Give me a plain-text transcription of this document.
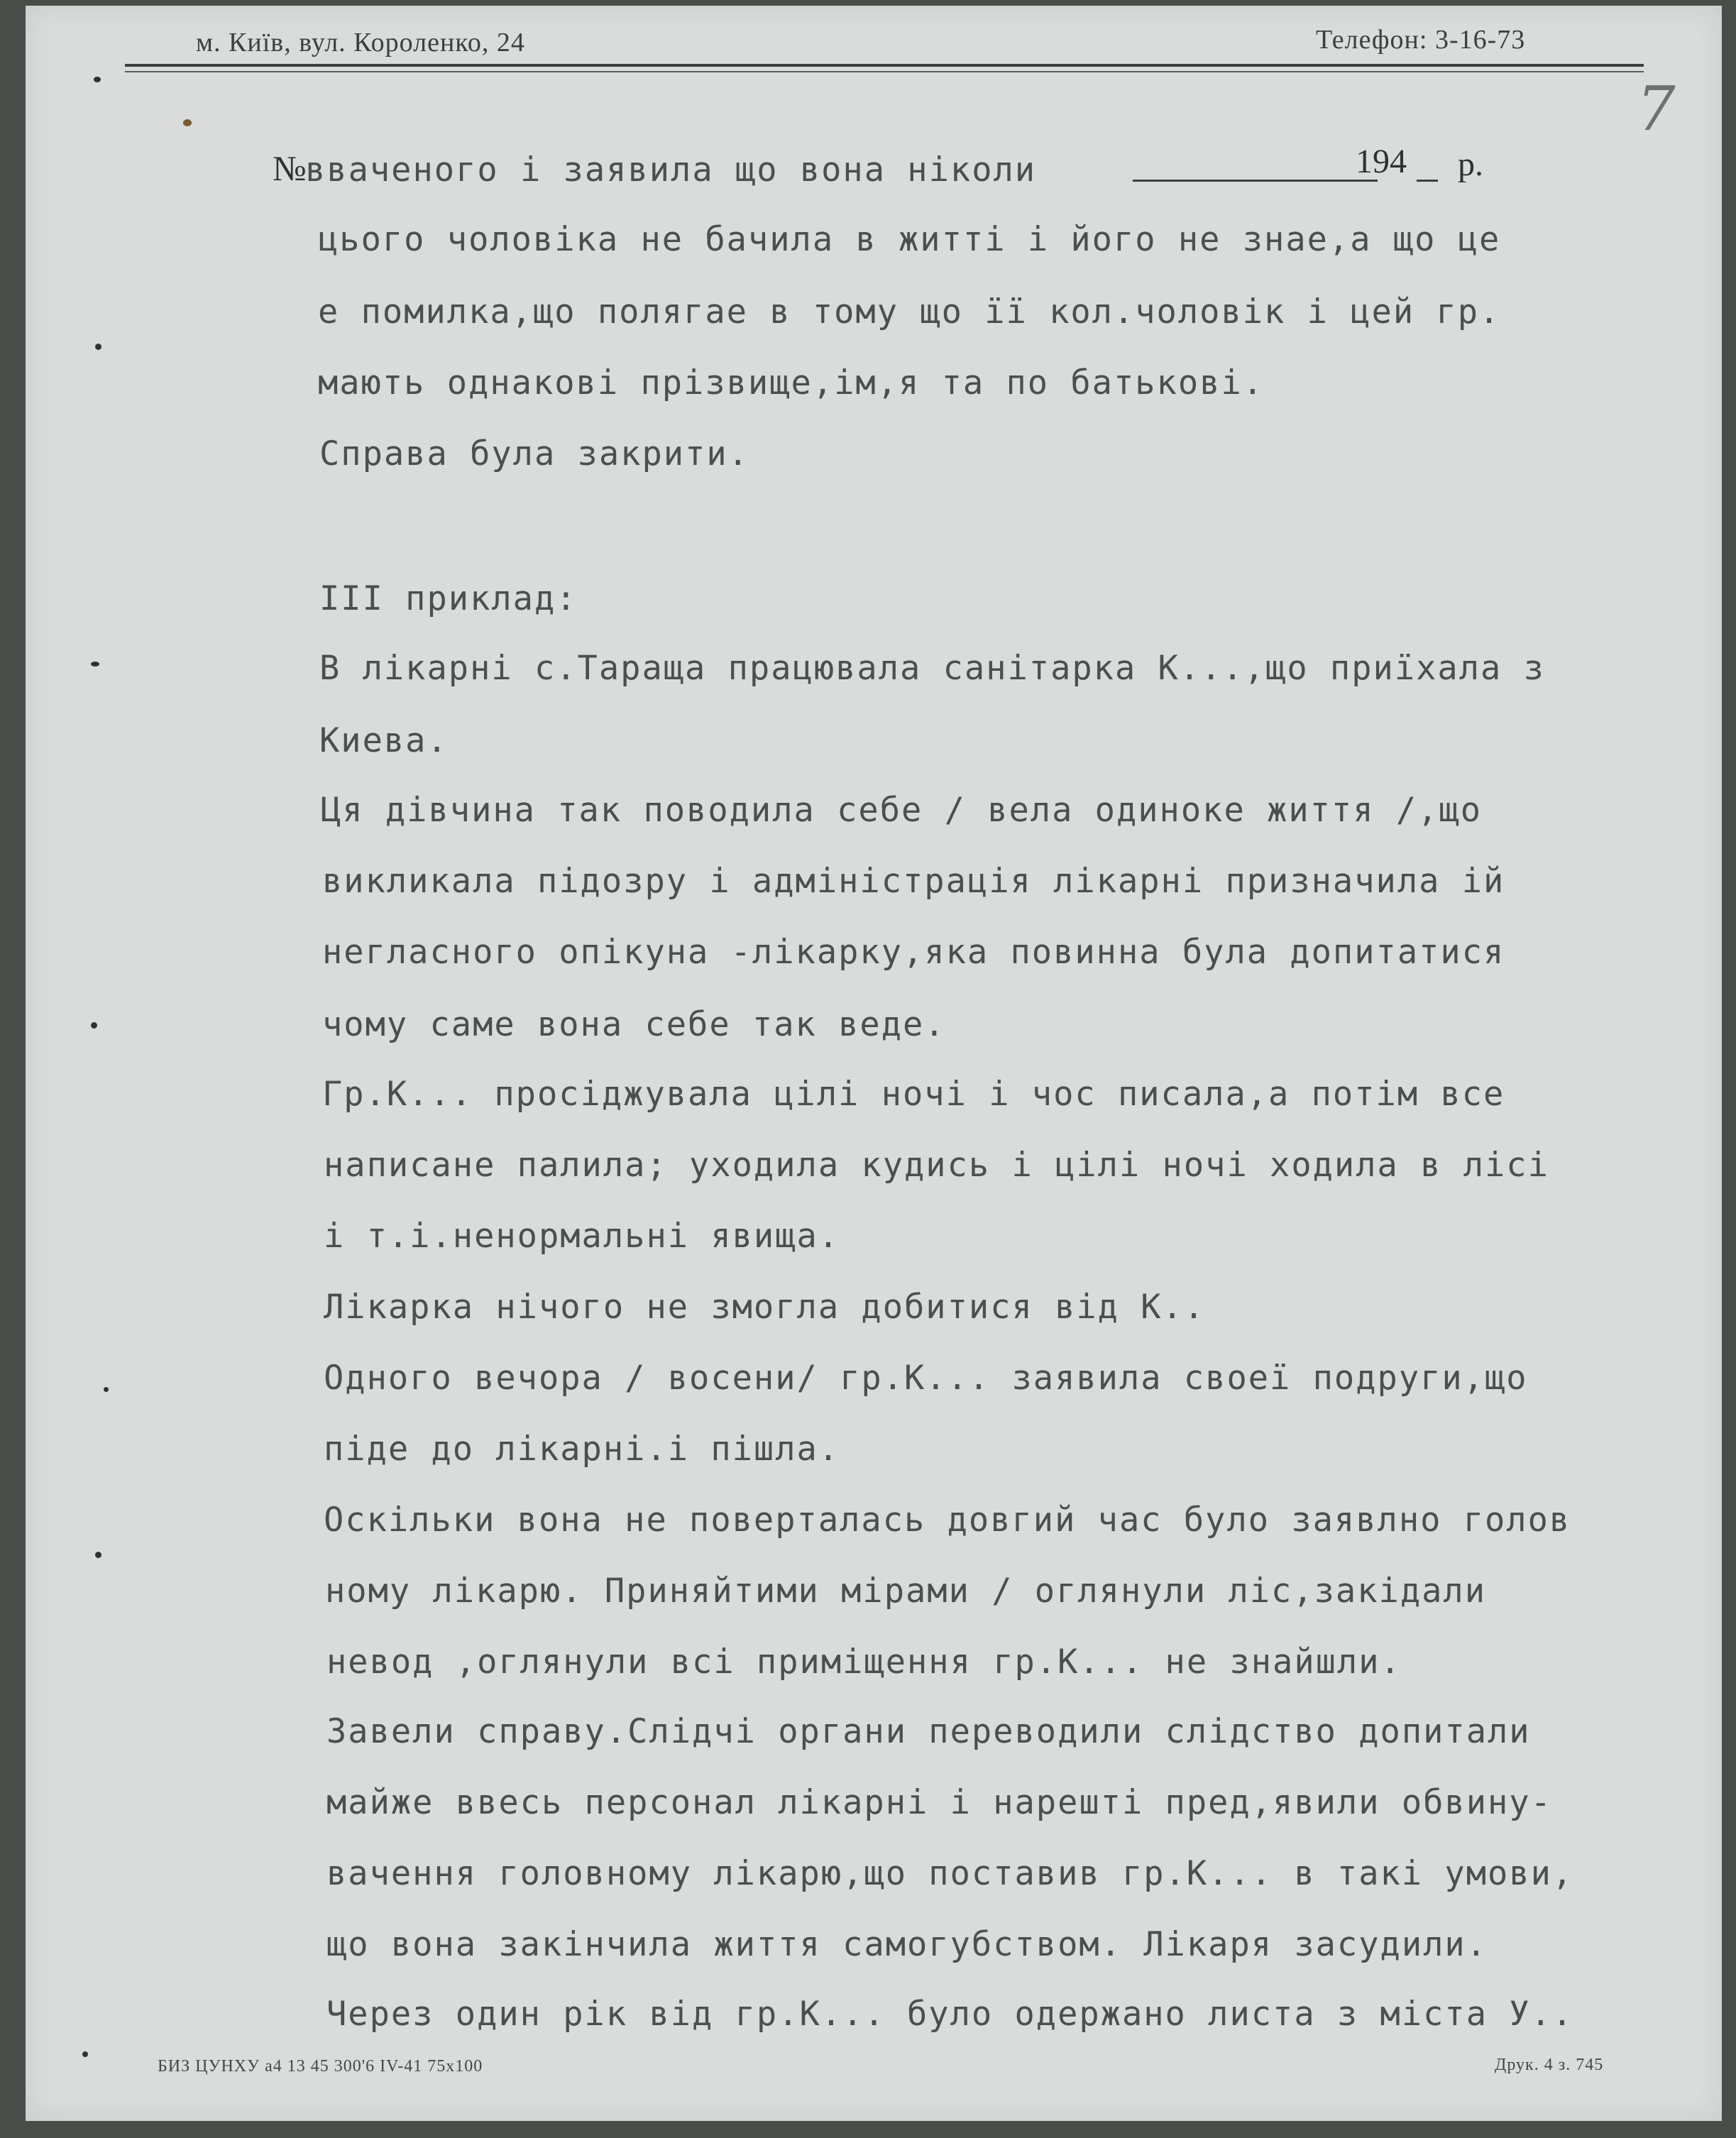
м. Київ, вул. Короленко, 24	Телефон: 3-16-73
7
194 р.
№
вваченого і заявила що вона ніколи
цього чоловіка не бачила в житті і його не знае,а що це
е помилка,що полягае в тому що її кол.чоловік і цей гр.
мають однакові прізвище,ім,я та по батькові.
Справа була закрити.
III приклад:
В лікарні с.Тараща працювала санітарка К...,що приїхала з
Киева.
Ця дівчина так поводила себе / вела одиноке життя /,що
викликала підозру і адміністрація лікарні призначила ій
негласного опікуна -лікарку,яка повинна була допитатися
чому саме вона себе так веде.
Гр.К... просіджувала цілі ночі і чос писала,а потім все
написане палила; уходила кудись і цілі ночі ходила в лісі
і т.і.ненормальні явища.
Лікарка нічого не змогла добитися від К..
Одного вечора / восени/ гр.К... заявила своеї подруги,що
піде до лікарні.і пішла.
Оскільки вона не поверталась довгий час було заявлно голов
ному лікарю. Приняйтими мірами / оглянули ліс,закідали
невод ,оглянули всі приміщення гр.К... не знайшли.
Завели справу.Слідчі органи переводили слідство допитали
майже ввесь персонал лікарні і нарешті пред,явили обвину-
вачення головному лікарю,що поставив гр.К... в такі умови,
що вона закінчила життя самогубством. Лікаря засудили.
Через один рік від гр.К... було одержано листа з міста У..
БИЗ ЦУНХУ а4 13 45 300'6 IV-41 75х100	Друк. 4 з. 745
